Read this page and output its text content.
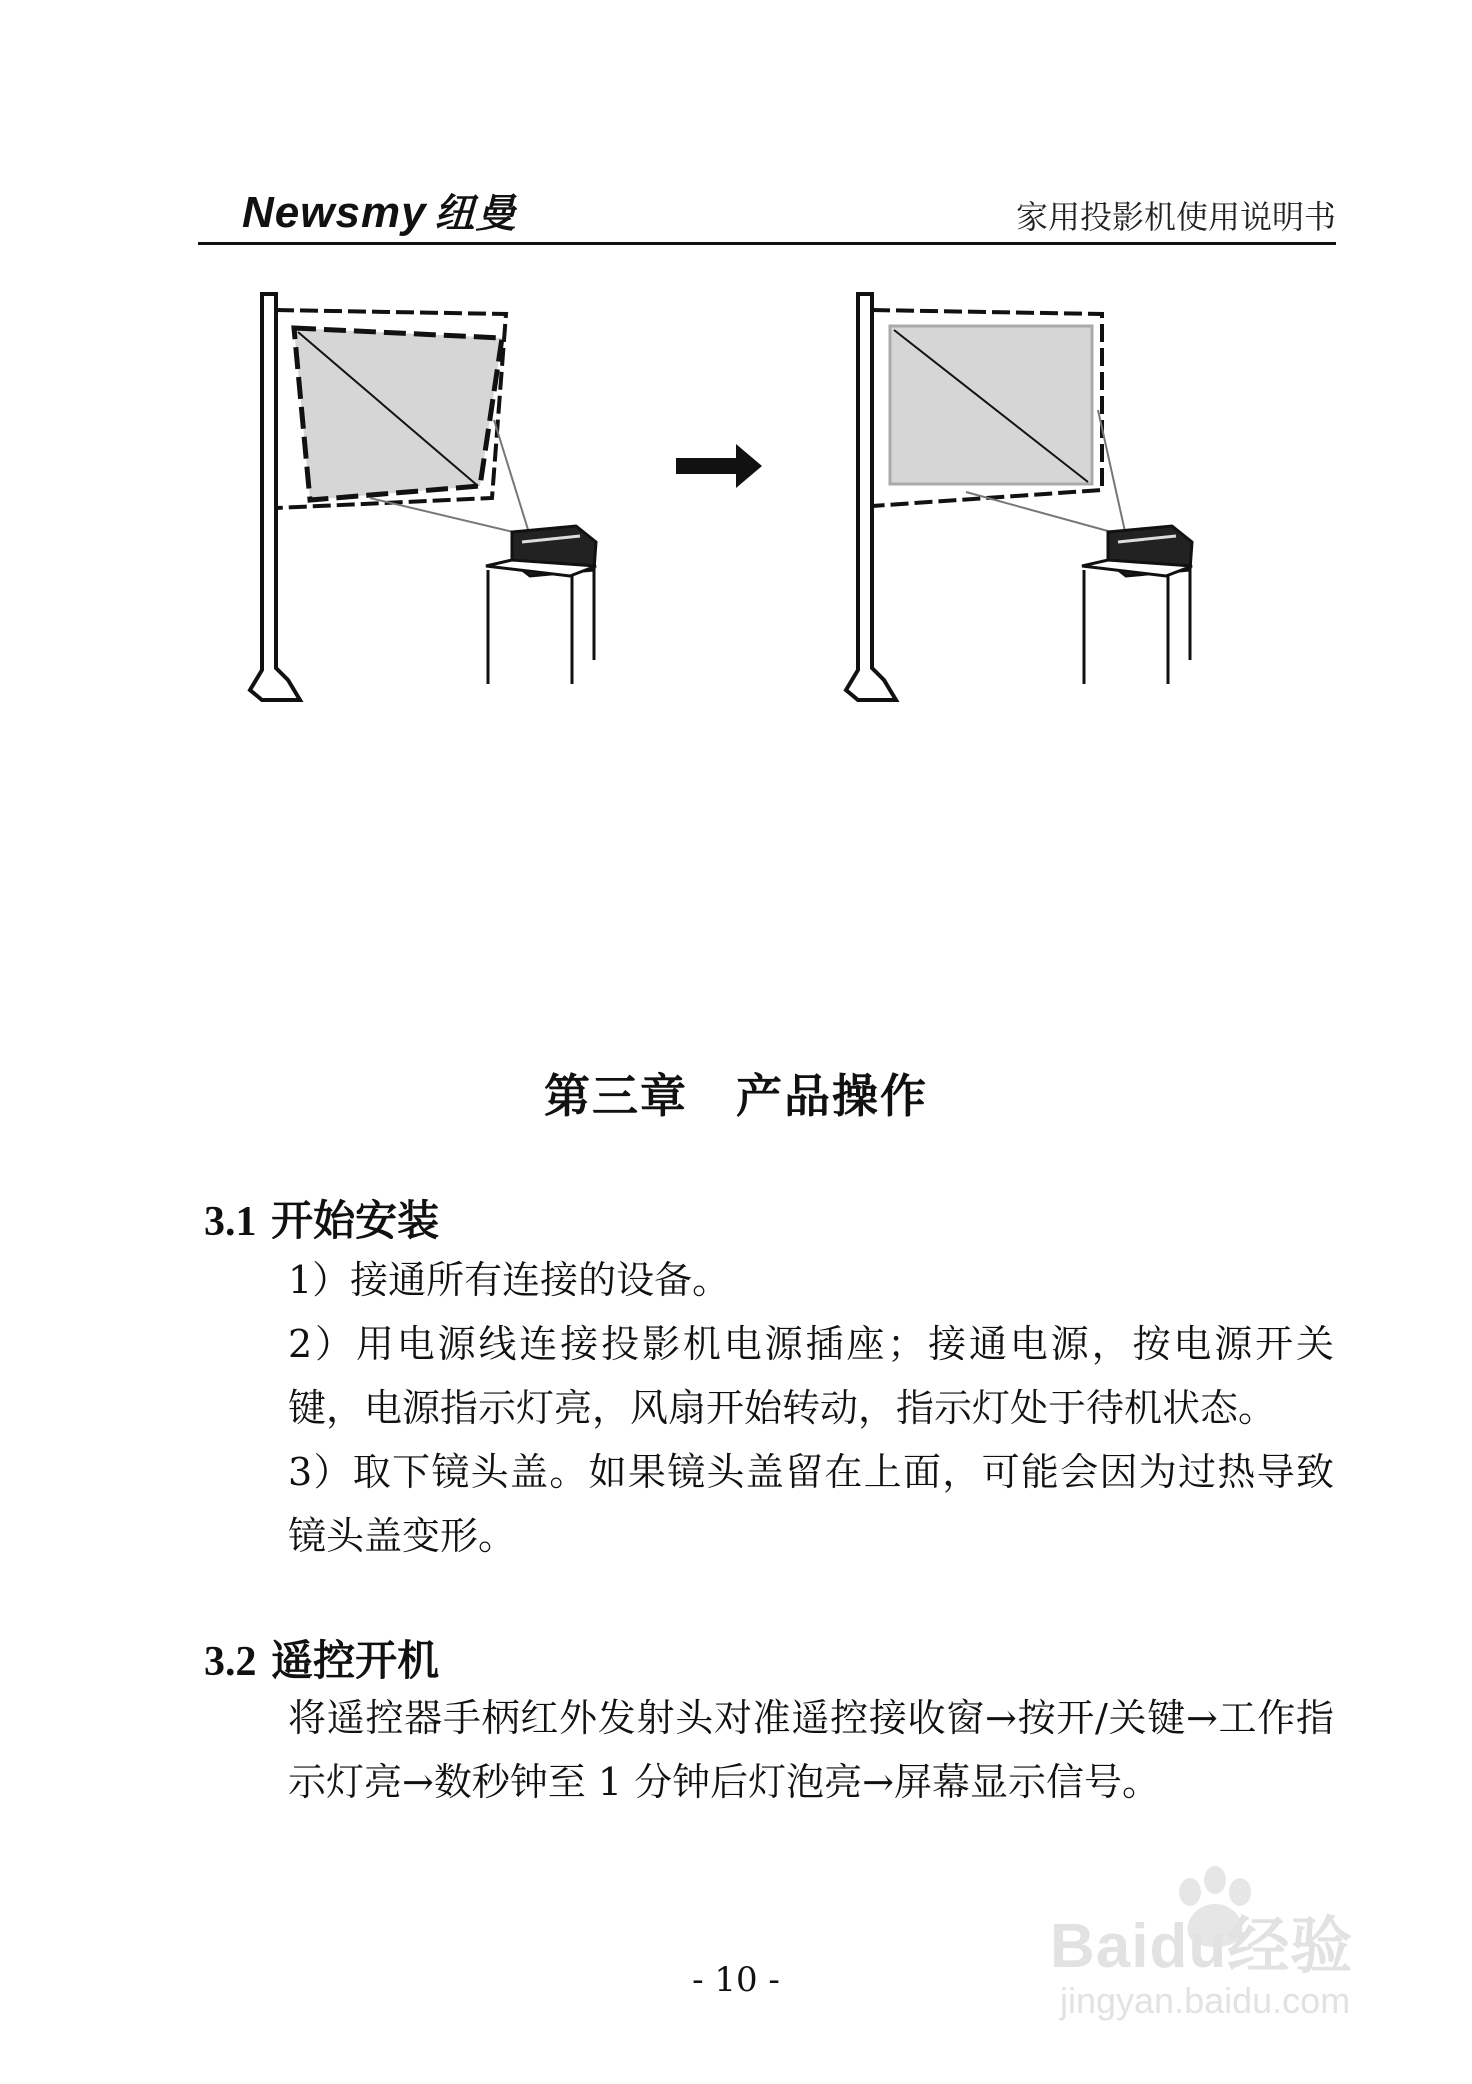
Newsmy 纽曼	家用投影机使用说明书
第三章 产品操作
3.1 开始安装
1）接通所有连接的设备。
2）用电源线连接投影机电源插座；接通电源，按电源开关键，电源指示灯亮，风扇开始转动，指示灯处于待机状态。
3）取下镜头盖。如果镜头盖留在上面，可能会因为过热导致镜头盖变形。
3.2 遥控开机
将遥控器手柄红外发射头对准遥控接收窗→按开/关键→工作指示灯亮→数秒钟至 1 分钟后灯泡亮→屏幕显示信号。
- 10 -	Baidu经验
jingyan.baidu.com
